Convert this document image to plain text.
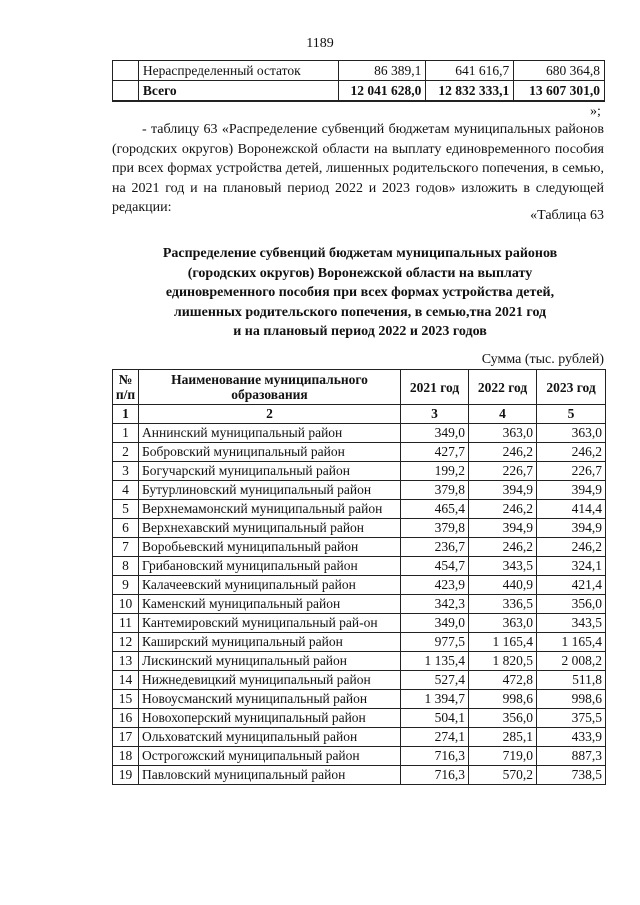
1189
	Нераспределенный остаток	86 389,1	641 616,7	680 364,8
	Всего	12 041 628,0	12 832 333,1	13 607 301,0
»;
- таблицу 63 «Распределение субвенций бюджетам муниципальных районов (городских округов) Воронежской области на выплату единовременного пособия при всех формах устройства детей, лишенных родительского попечения, в семью, на 2021 год и на плановый период 2022 и 2023 годов» изложить в следующей редакции:
«Таблица 63
Распределение субвенций бюджетам муниципальных районов
(городских округов) Воронежской области на выплату
единовременного пособия при всех формах устройства детей,
лишенных родительского попечения, в семью,тна 2021 год
и на плановый период 2022 и 2023 годов
Сумма (тыс. рублей)
№ п/п	Наименование муниципального образования	2021 год	2022 год	2023 год
1	2	3	4	5
1	Аннинский муниципальный район	349,0	363,0	363,0
2	Бобровский муниципальный район	427,7	246,2	246,2
3	Богучарский муниципальный район	199,2	226,7	226,7
4	Бутурлиновский муниципальный район	379,8	394,9	394,9
5	Верхнемамонский муниципальный район	465,4	246,2	414,4
6	Верхнехавский муниципальный район	379,8	394,9	394,9
7	Воробьевский муниципальный район	236,7	246,2	246,2
8	Грибановский муниципальный район	454,7	343,5	324,1
9	Калачеевский муниципальный район	423,9	440,9	421,4
10	Каменский муниципальный район	342,3	336,5	356,0
11	Кантемировский муниципальный рай-он	349,0	363,0	343,5
12	Каширский муниципальный район	977,5	1 165,4	1 165,4
13	Лискинский муниципальный район	1 135,4	1 820,5	2 008,2
14	Нижнедевицкий муниципальный район	527,4	472,8	511,8
15	Новоусманский муниципальный район	1 394,7	998,6	998,6
16	Новохоперский муниципальный район	504,1	356,0	375,5
17	Ольховатский муниципальный район	274,1	285,1	433,9
18	Острогожский муниципальный район	716,3	719,0	887,3
19	Павловский муниципальный район	716,3	570,2	738,5
